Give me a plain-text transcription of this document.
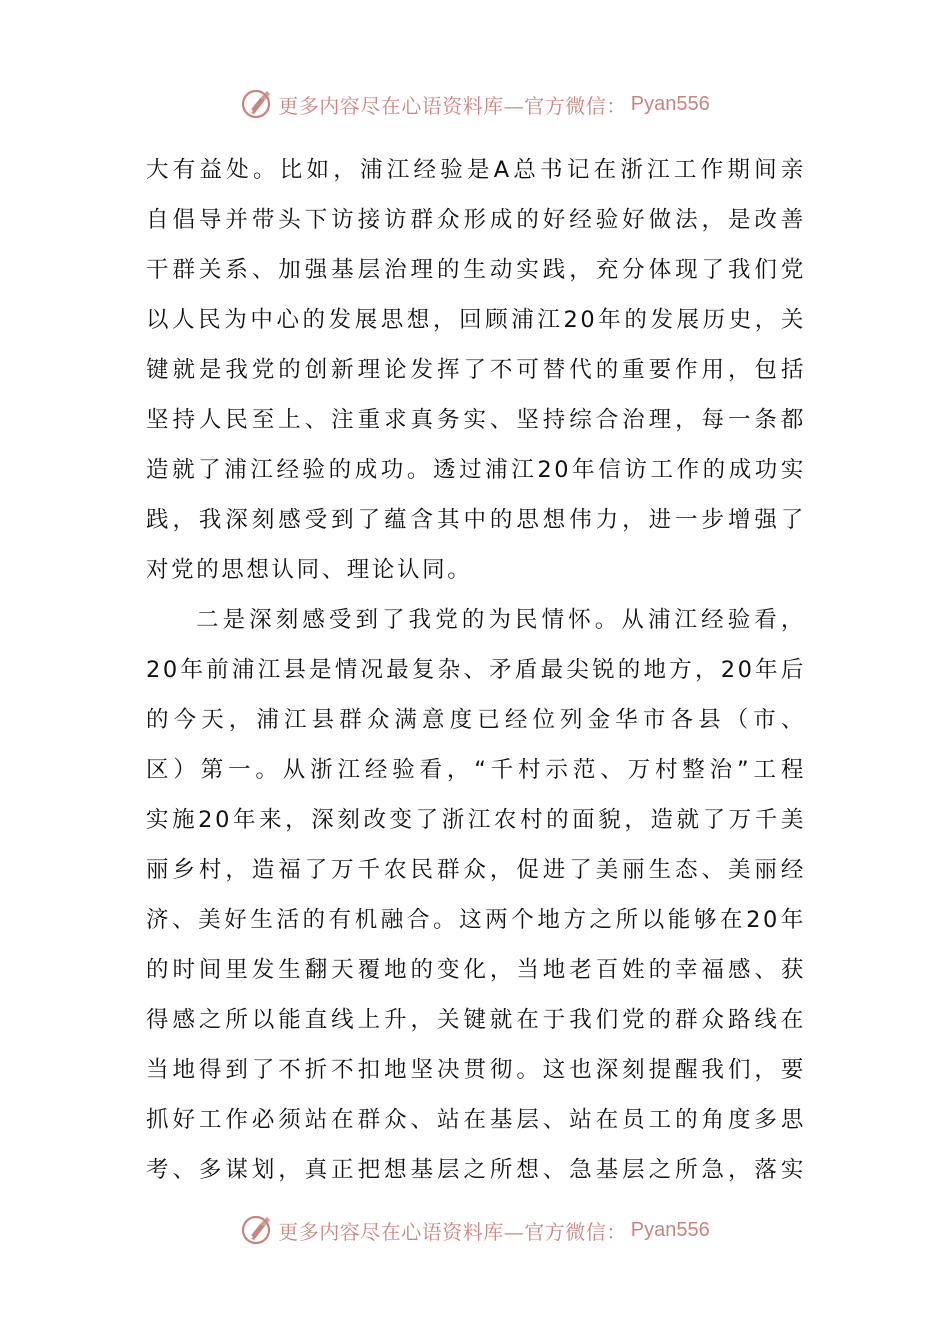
更多内容尽在心语资料库—官方微信： Pyan556
大有益处。比如，浦江经验是A总书记在浙江工作期间亲
自倡导并带头下访接访群众形成的好经验好做法，是改善
干群关系、加强基层治理的生动实践，充分体现了我们党
以人民为中心的发展思想，回顾浦江20年的发展历史，关
键就是我党的创新理论发挥了不可替代的重要作用，包括
坚持人民至上、注重求真务实、坚持综合治理，每一条都
造就了浦江经验的成功。透过浦江20年信访工作的成功实
践，我深刻感受到了蕴含其中的思想伟力，进一步增强了
对党的思想认同、理论认同。
二是深刻感受到了我党的为民情怀。从浦江经验看，
20年前浦江县是情况最复杂、矛盾最尖锐的地方，20年后
的今天，浦江县群众满意度已经位列金华市各县（市、
区）第一。从浙江经验看，“千村示范、万村整治”工程
实施20年来，深刻改变了浙江农村的面貌，造就了万千美
丽乡村，造福了万千农民群众，促进了美丽生态、美丽经
济、美好生活的有机融合。这两个地方之所以能够在20年
的时间里发生翻天覆地的变化，当地老百姓的幸福感、获
得感之所以能直线上升，关键就在于我们党的群众路线在
当地得到了不折不扣地坚决贯彻。这也深刻提醒我们，要
抓好工作必须站在群众、站在基层、站在员工的角度多思
考、多谋划，真正把想基层之所想、急基层之所急，落实
更多内容尽在心语资料库—官方微信： Pyan556
